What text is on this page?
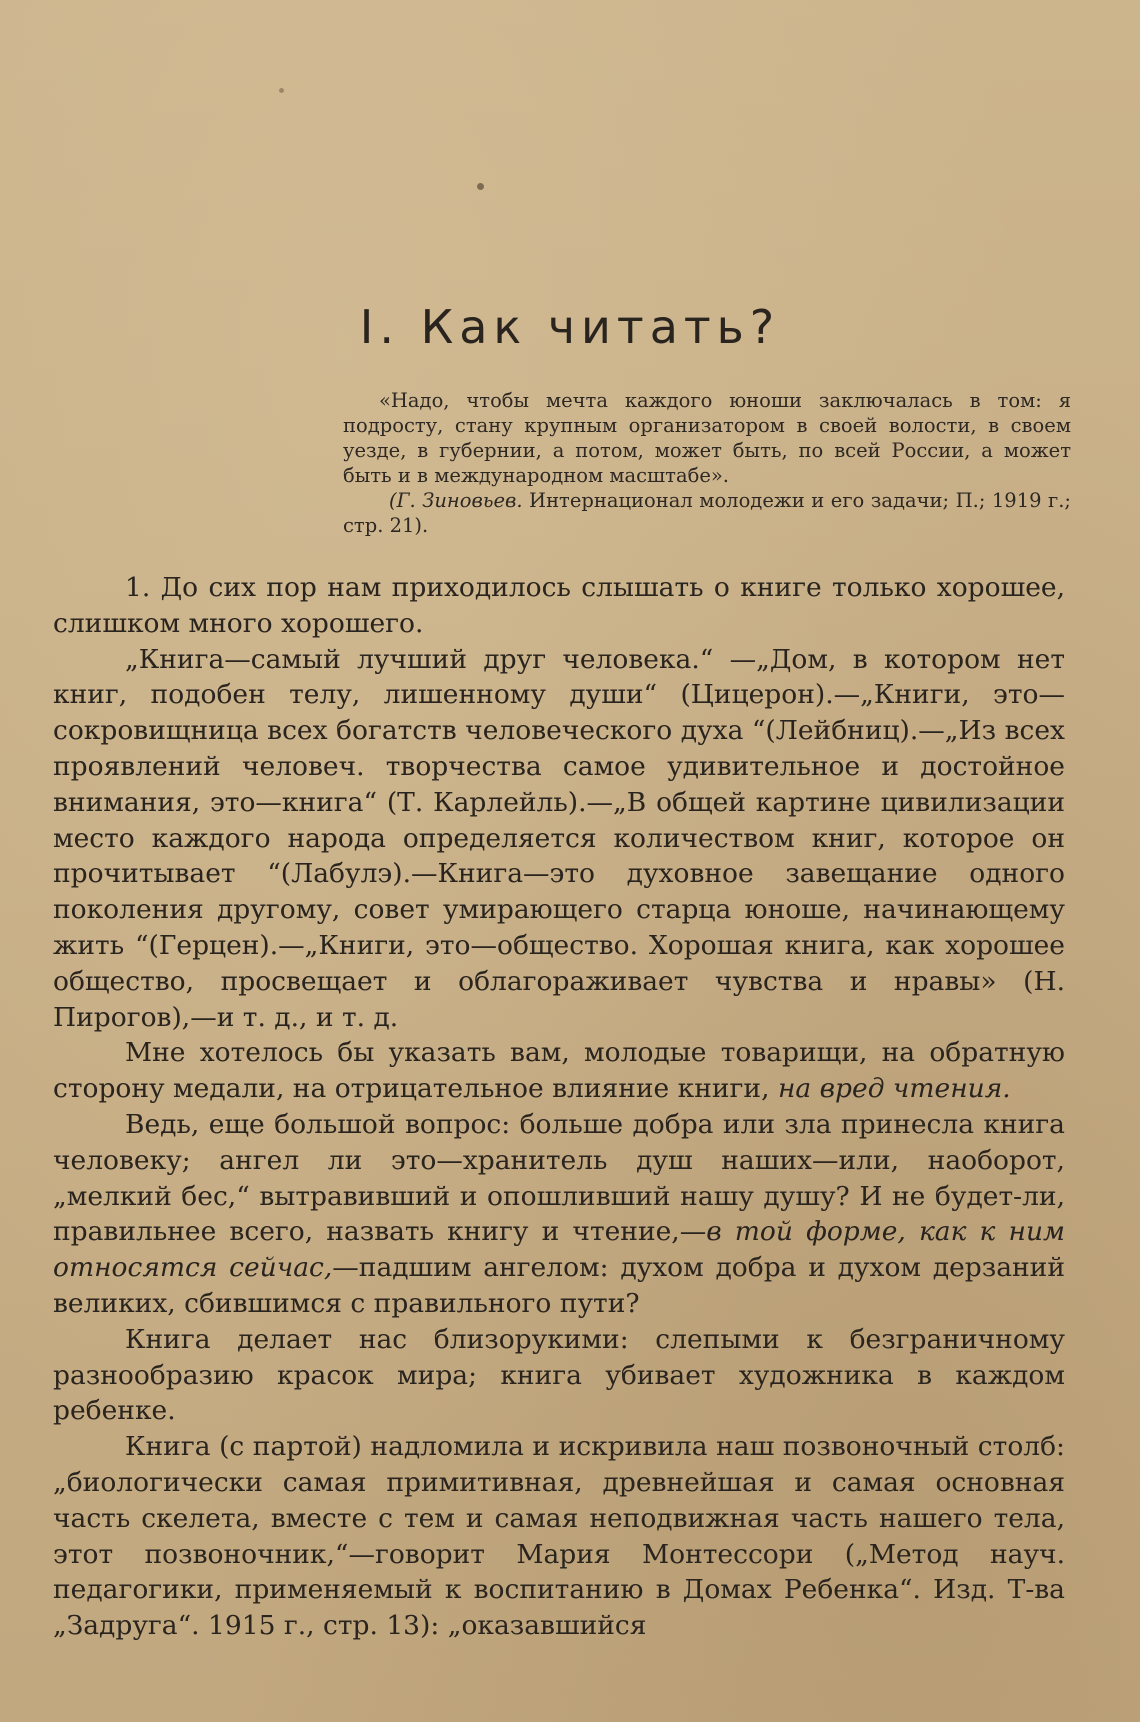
I. Как читать?

«Надо, чтобы мечта каждого юноши заключалась в том: я подросту, стану крупным организатором в своей волости, в своем уезде, в губернии, а потом, может быть, по всей России, а может быть и в международном масштабе».

(Г. Зиновьев. Интернационал молодежи и его задачи; П.; 1919 г.; стр. 21).

1. До сих пор нам приходилось слышать о книге только хорошее, слишком много хорошего.

„Книга—самый лучший друг человека.“ —„Дом, в котором нет книг, подобен телу, лишенному души“ (Цицерон).—„Книги, это—сокровищница всех богатств человеческого духа “(Лейбниц).—„Из всех проявлений человеч. творчества самое удивительное и достойное внимания, это—книга“ (Т. Карлейль).—„В общей картине цивилизации место каждого народа определяется количеством книг, которое он прочитывает “(Лабулэ).—Книга—это духовное завещание одного поколения другому, совет умирающего старца юноше, начинающему жить “(Герцен).—„Книги, это—общество. Хорошая книга, как хорошее общество, просвещает и облагораживает чувства и нравы» (Н. Пирогов),—и т. д., и т. д.

Мне хотелось бы указать вам, молодые товарищи, на обратную сторону медали, на отрицательное влияние книги, на вред чтения.

Ведь, еще большой вопрос: больше добра или зла принесла книга человеку; ангел ли это—хранитель душ наших—или, наоборот, „мелкий бес,“ вытравивший и опошливший нашу душу? И не будет-ли, правильнее всего, назвать книгу и чтение,—в той форме, как к ним относятся сейчас,—падшим ангелом: духом добра и духом дерзаний великих, сбившимся с правильного пути?

Книга делает нас близорукими: слепыми к безграничному разнообразию красок мира; книга убивает художника в каждом ребенке.

Книга (с партой) надломила и искривила наш позвоночный столб: „биологически самая примитивная, древнейшая и самая основная часть скелета, вместе с тем и самая неподвижная часть нашего тела, этот позвоночник,“—говорит Мария Монтессори („Метод науч. педагогики, применяемый к воспитанию в Домах Ребенка“. Изд. Т-ва „Задруга“. 1915 г., стр. 13): „оказавшийся
